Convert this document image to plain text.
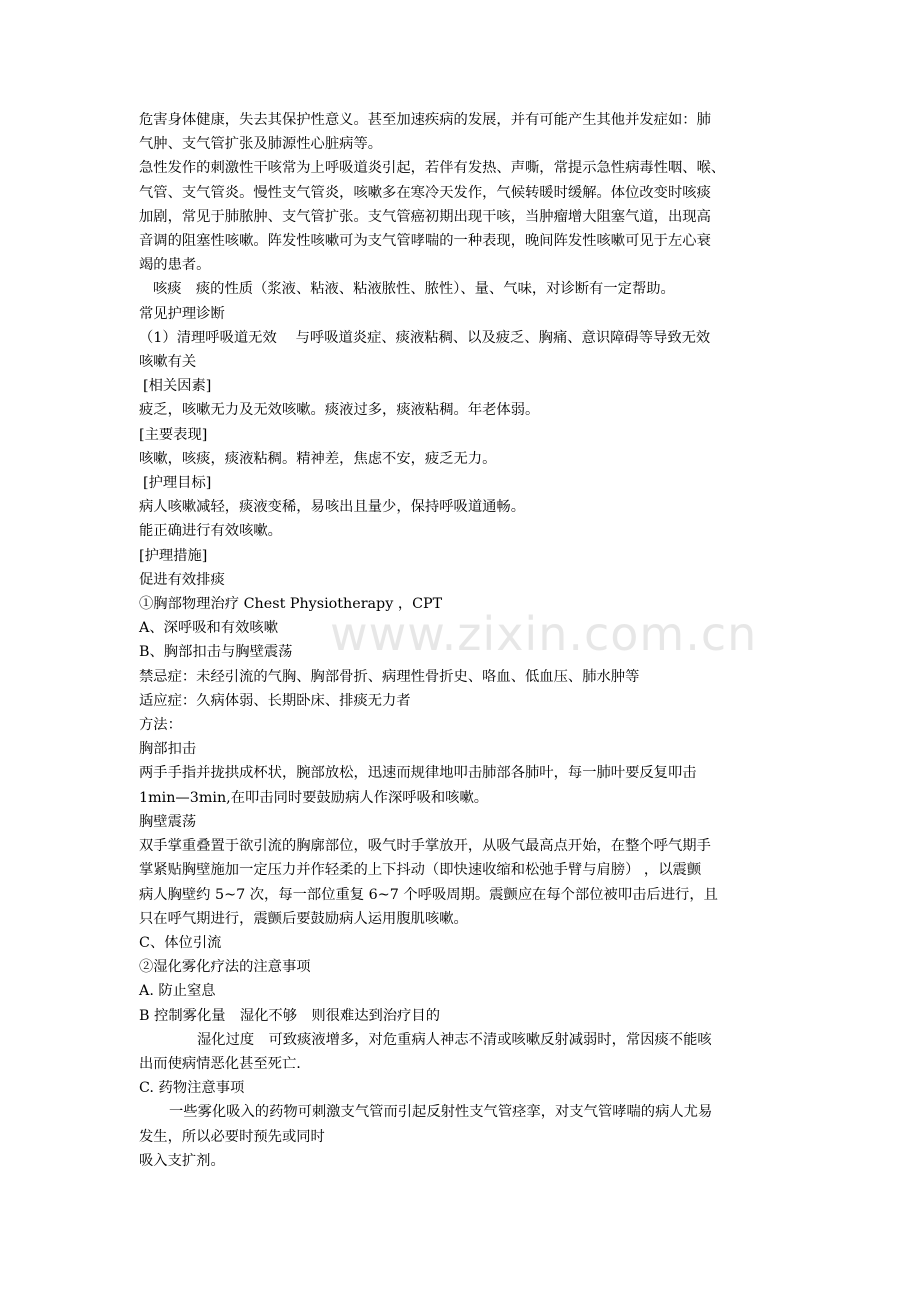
www.zixin.com.cn
危害身体健康，失去其保护性意义。甚至加速疾病的发展，并有可能产生其他并发症如：肺
气肿、支气管扩张及肺源性心脏病等。
急性发作的刺激性干咳常为上呼吸道炎引起，若伴有发热、声嘶，常提示急性病毒性咽、喉、
气管、支气管炎。慢性支气管炎，咳嗽多在寒冷天发作，气候转暖时缓解。体位改变时咳痰
加剧，常见于肺脓肿、支气管扩张。支气管癌初期出现干咳，当肿瘤增大阻塞气道，出现高
音调的阻塞性咳嗽。阵发性咳嗽可为支气管哮喘的一种表现，晚间阵发性咳嗽可见于左心衰
竭的患者。
咳痰　痰的性质（浆液、粘液、粘液脓性、脓性）、量、气味，对诊断有一定帮助。
常见护理诊断
（1）清理呼吸道无效　 与呼吸道炎症、痰液粘稠、以及疲乏、胸痛、意识障碍等导致无效
咳嗽有关
[相关因素]
疲乏，咳嗽无力及无效咳嗽。痰液过多，痰液粘稠。年老体弱。
[主要表现]
咳嗽，咳痰，痰液粘稠。精神差，焦虑不安，疲乏无力。
[护理目标]
病人咳嗽减轻，痰液变稀，易咳出且量少，保持呼吸道通畅。
能正确进行有效咳嗽。
[护理措施]
促进有效排痰
①胸部物理治疗 Chest Physiotherapy ，CPT
A、深呼吸和有效咳嗽
B、胸部扣击与胸壁震荡
禁忌症：未经引流的气胸、胸部骨折、病理性骨折史、咯血、低血压、肺水肿等
适应症：久病体弱、长期卧床、排痰无力者
方法：
胸部扣击
两手手指并拢拱成杯状，腕部放松，迅速而规律地叩击肺部各肺叶，每一肺叶要反复叩击
1min—3min,在叩击同时要鼓励病人作深呼吸和咳嗽。
胸壁震荡
双手掌重叠置于欲引流的胸廓部位，吸气时手掌放开，从吸气最高点开始，在整个呼气期手
掌紧贴胸壁施加一定压力并作轻柔的上下抖动（即快速收缩和松弛手臂与肩膀） ，以震颤
病人胸壁约 5~7 次，每一部位重复 6~7 个呼吸周期。震颤应在每个部位被叩击后进行，且
只在呼气期进行，震颤后要鼓励病人运用腹肌咳嗽。
C、体位引流
②湿化雾化疗法的注意事项
A. 防止窒息
B 控制雾化量　湿化不够　则很难达到治疗目的
湿化过度　可致痰液增多，对危重病人神志不清或咳嗽反射减弱时，常因痰不能咳
出而使病情恶化甚至死亡.
C. 药物注意事项
一些雾化吸入的药物可刺激支气管而引起反射性支气管痉挛，对支气管哮喘的病人尤易
发生，所以必要时预先或同时
吸入支扩剂。
